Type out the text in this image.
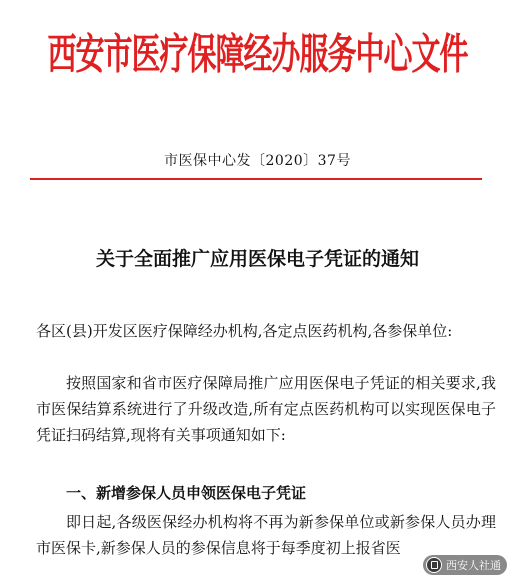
西安市医疗保障经办服务中心文件
市医保中心发〔2020〕37号
关于全面推广应用医保电子凭证的通知
各区(县)开发区医疗保障经办机构,各定点医药机构,各参保单位:
按照国家和省市医疗保障局推广应用医保电子凭证的相关要求,我市医保结算系统进行了升级改造,所有定点医药机构可以实现医保电子凭证扫码结算,现将有关事项通知如下:
一、新增参保人员申领医保电子凭证
即日起,各级医保经办机构将不再为新参保单位或新参保人员办理市医保卡,新参保人员的参保信息将于每季度初上报省医
西安人社通
